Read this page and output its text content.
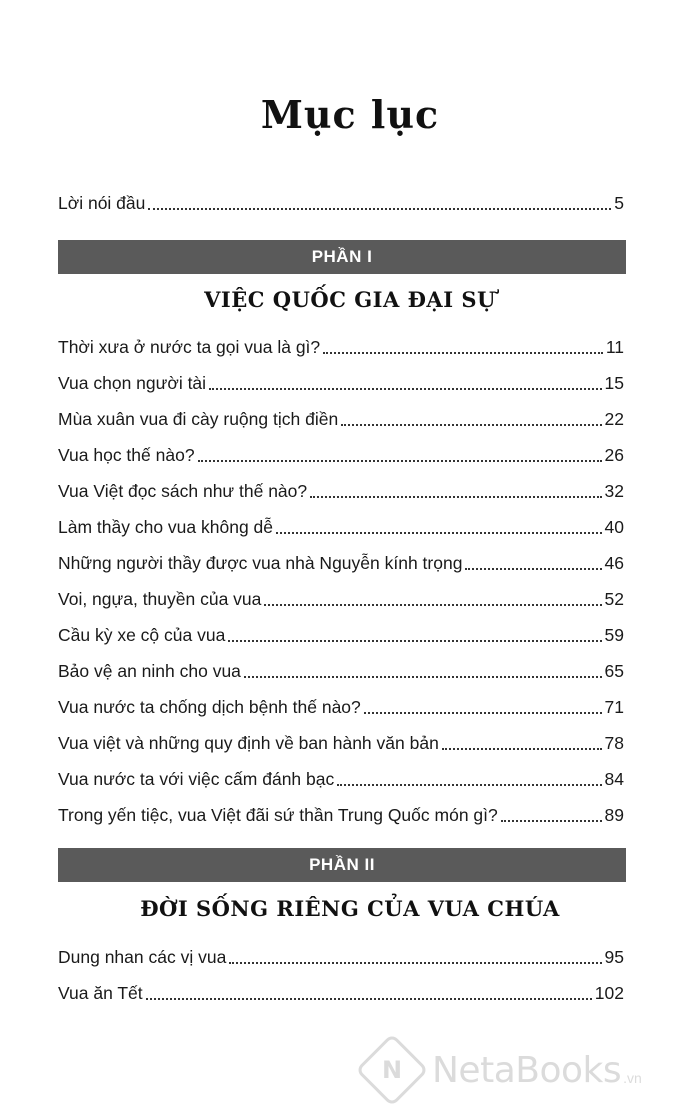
Mục lục
Lời nói đầu	5
PHẦN I
VIỆC QUỐC GIA ĐẠI SỰ
Thời xưa ở nước ta gọi vua là gì?	11
Vua chọn người tài	15
Mùa xuân vua đi cày ruộng tịch điền	22
Vua học thế nào?	26
Vua Việt đọc sách như thế nào?	32
Làm thầy cho vua không dễ	40
Những người thầy được vua nhà Nguyễn kính trọng	46
Voi, ngựa, thuyền của vua	52
Cầu kỳ xe cộ của vua	59
Bảo vệ an ninh cho vua	65
Vua nước ta chống dịch bệnh thế nào?	71
Vua việt và những quy định về ban hành văn bản	78
Vua nước ta với việc cấm đánh bạc	84
Trong yến tiệc, vua Việt đãi sứ thần Trung Quốc món gì?	89
PHẦN II
ĐỜI SỐNG RIÊNG CỦA VUA CHÚA
Dung nhan các vị vua	95
Vua ăn Tết	102
N NetaBooks .vn
